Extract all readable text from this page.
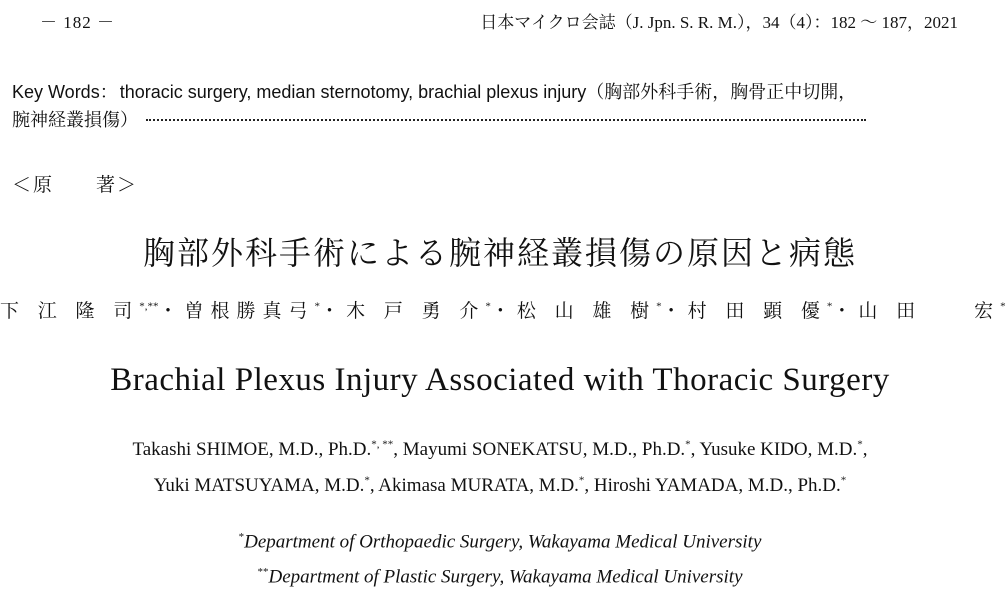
－ 182 －	日本マイクロ会誌（J. Jpn. S. R. M.），34（4）：182 ～ 187，2021
Key Words： thoracic surgery, median sternotomy, brachial plexus injury（胸部外科手術，胸骨正中切開，
腕神経叢損傷）
＜原　　著＞
胸部外科手術による腕神経叢損傷の原因と病態
下 江 隆 司*,**・曽根勝真弓*・木 戸 勇 介*・松 山 雄 樹*・村 田 顕 優*・山 田　　宏*
Brachial Plexus Injury Associated with Thoracic Surgery
Takashi SHIMOE, M.D., Ph.D.*, **, Mayumi SONEKATSU, M.D., Ph.D.*, Yusuke KIDO, M.D.*,
Yuki MATSUYAMA, M.D.*, Akimasa MURATA, M.D.*, Hiroshi YAMADA, M.D., Ph.D.*
*Department of Orthopaedic Surgery, Wakayama Medical University
**Department of Plastic Surgery, Wakayama Medical University
